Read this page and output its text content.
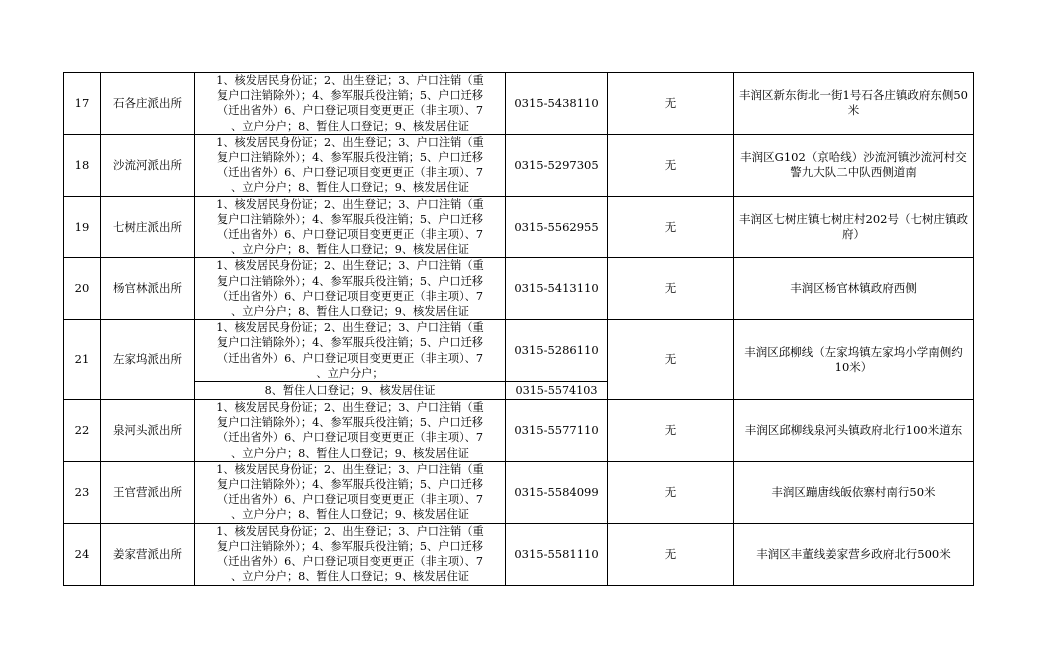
17	石各庄派出所	1、核发居民身份证；2、出生登记；3、户口注销（重
复户口注销除外）；4、参军服兵役注销；5、户口迁移
（迁出省外）6、户口登记项目变更更正（非主项）、7
、立户分户；8、暂住人口登记；9、核发居住证	0315-5438110	无	丰润区新东街北一街1号石各庄镇政府东侧50米
18	沙流河派出所	1、核发居民身份证；2、出生登记；3、户口注销（重
复户口注销除外）；4、参军服兵役注销；5、户口迁移
（迁出省外）6、户口登记项目变更更正（非主项）、7
、立户分户；8、暂住人口登记；9、核发居住证	0315-5297305	无	丰润区G102（京哈线）沙流河镇沙流河村交警九大队二中队西侧道南
19	七树庄派出所	1、核发居民身份证；2、出生登记；3、户口注销（重
复户口注销除外）；4、参军服兵役注销；5、户口迁移
（迁出省外）6、户口登记项目变更更正（非主项）、7
、立户分户；8、暂住人口登记；9、核发居住证	0315-5562955	无	丰润区七树庄镇七树庄村202号（七树庄镇政府）
20	杨官林派出所	1、核发居民身份证；2、出生登记；3、户口注销（重
复户口注销除外）；4、参军服兵役注销；5、户口迁移
（迁出省外）6、户口登记项目变更更正（非主项）、7
、立户分户；8、暂住人口登记；9、核发居住证	0315-5413110	无	丰润区杨官林镇政府西侧
21	左家坞派出所	1、核发居民身份证；2、出生登记；3、户口注销（重
复户口注销除外）；4、参军服兵役注销；5、户口迁移
（迁出省外）6、户口登记项目变更更正（非主项）、7
、立户分户；	0315-5286110	无	丰润区邱柳线（左家坞镇左家坞小学南侧约10米）
		8、暂住人口登记；9、核发居住证	0315-5574103		
22	泉河头派出所	1、核发居民身份证；2、出生登记；3、户口注销（重
复户口注销除外）；4、参军服兵役注销；5、户口迁移
（迁出省外）6、户口登记项目变更更正（非主项）、7
、立户分户；8、暂住人口登记；9、核发居住证	0315-5577110	无	丰润区邱柳线泉河头镇政府北行100米道东
23	王官营派出所	1、核发居民身份证；2、出生登记；3、户口注销（重
复户口注销除外）；4、参军服兵役注销；5、户口迁移
（迁出省外）6、户口登记项目变更更正（非主项）、7
、立户分户；8、暂住人口登记；9、核发居住证	0315-5584099	无	丰润区蹦唐线皈依寨村南行50米
24	姜家营派出所	1、核发居民身份证；2、出生登记；3、户口注销（重
复户口注销除外）；4、参军服兵役注销；5、户口迁移
（迁出省外）6、户口登记项目变更更正（非主项）、7
、立户分户；8、暂住人口登记；9、核发居住证	0315-5581110	无	丰润区丰董线姜家营乡政府北行500米
